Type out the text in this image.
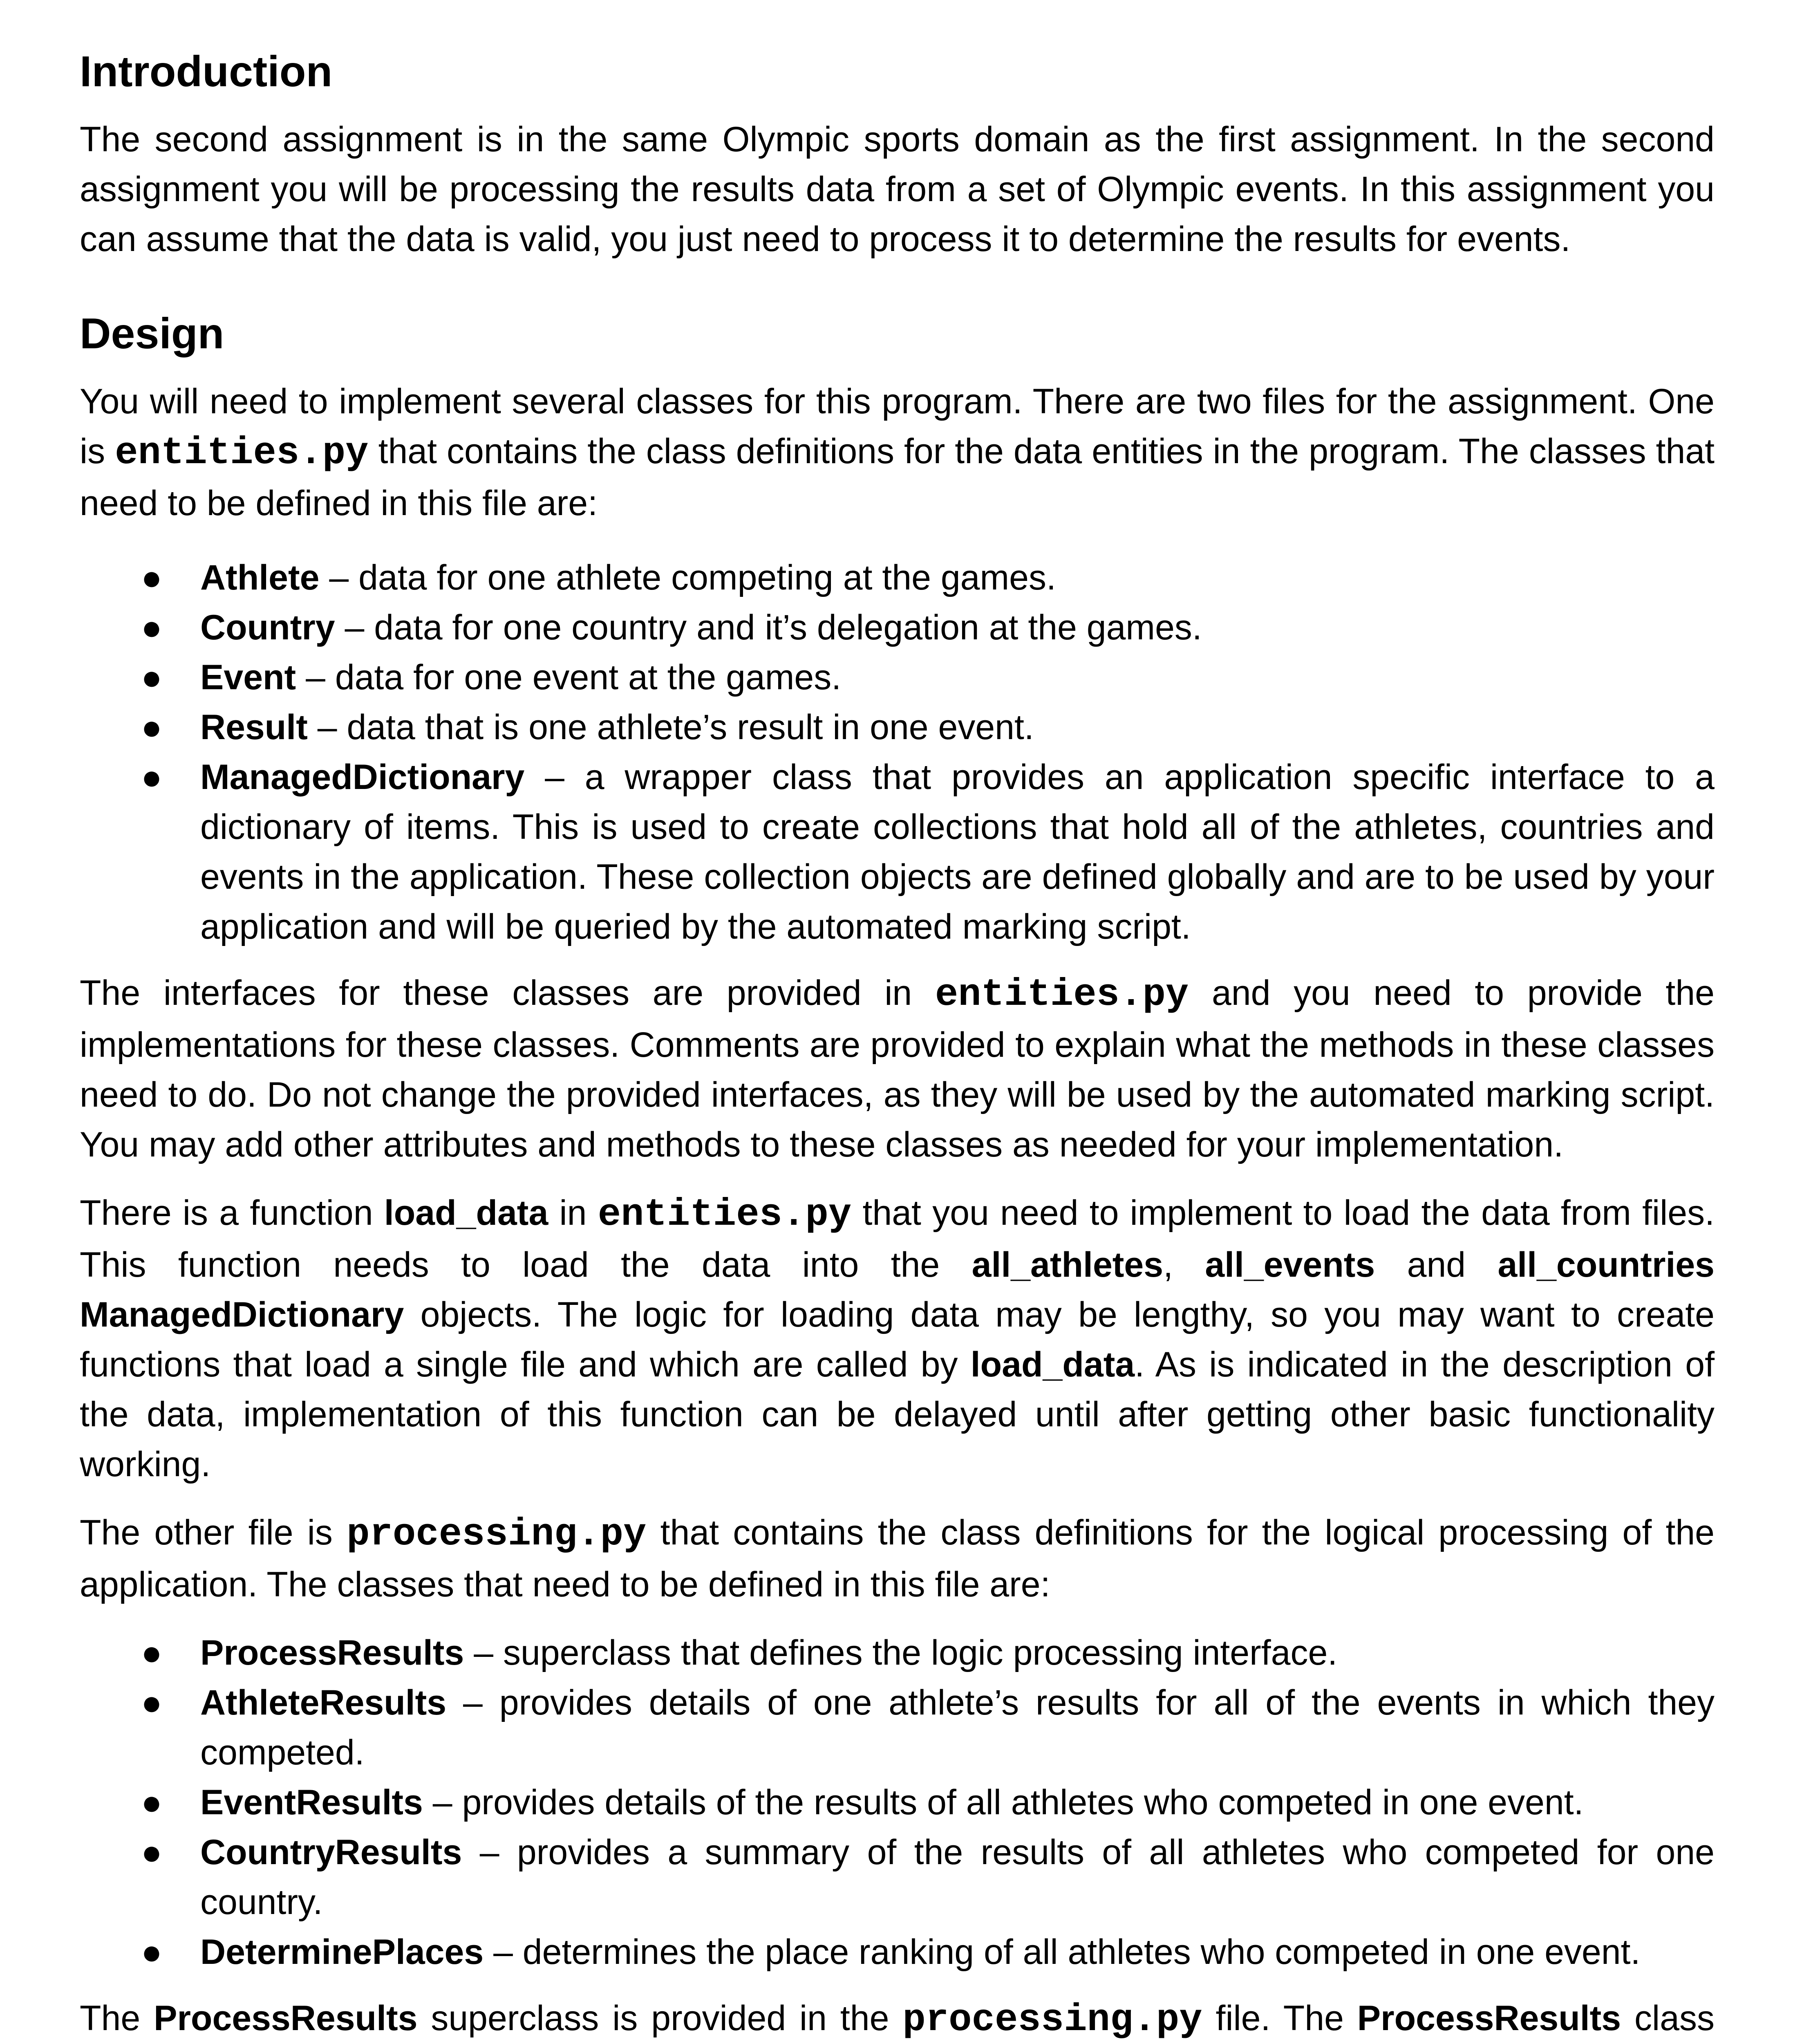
Introduction

The second assignment is in the same Olympic sports domain as the first assignment. In the second assignment you will be processing the results data from a set of Olympic events. In this assignment you can assume that the data is valid, you just need to process it to determine the results for events.

Design

You will need to implement several classes for this program. There are two files for the assignment. One is entities.py that contains the class definitions for the data entities in the program. The classes that need to be defined in this file are:

● Athlete – data for one athlete competing at the games.
● Country – data for one country and it’s delegation at the games.
● Event – data for one event at the games.
● Result – data that is one athlete’s result in one event.
● ManagedDictionary – a wrapper class that provides an application specific interface to a dictionary of items. This is used to create collections that hold all of the athletes, countries and events in the application. These collection objects are defined globally and are to be used by your application and will be queried by the automated marking script.

The interfaces for these classes are provided in entities.py and you need to provide the implementations for these classes. Comments are provided to explain what the methods in these classes need to do. Do not change the provided interfaces, as they will be used by the automated marking script. You may add other attributes and methods to these classes as needed for your implementation.

There is a function load_data in entities.py that you need to implement to load the data from files. This function needs to load the data into the all_athletes, all_events and all_countries ManagedDictionary objects. The logic for loading data may be lengthy, so you may want to create functions that load a single file and which are called by load_data. As is indicated in the description of the data, implementation of this function can be delayed until after getting other basic functionality working.

The other file is processing.py that contains the class definitions for the logical processing of the application. The classes that need to be defined in this file are:

● ProcessResults – superclass that defines the logic processing interface.
● AthleteResults – provides details of one athlete’s results for all of the events in which they competed.
● EventResults – provides details of the results of all athletes who competed in one event.
● CountryResults – provides a summary of the results of all athletes who competed for one country.
● DeterminePlaces – determines the place ranking of all athletes who competed in one event.

The ProcessResults superclass is provided in the processing.py file. The ProcessResults class
